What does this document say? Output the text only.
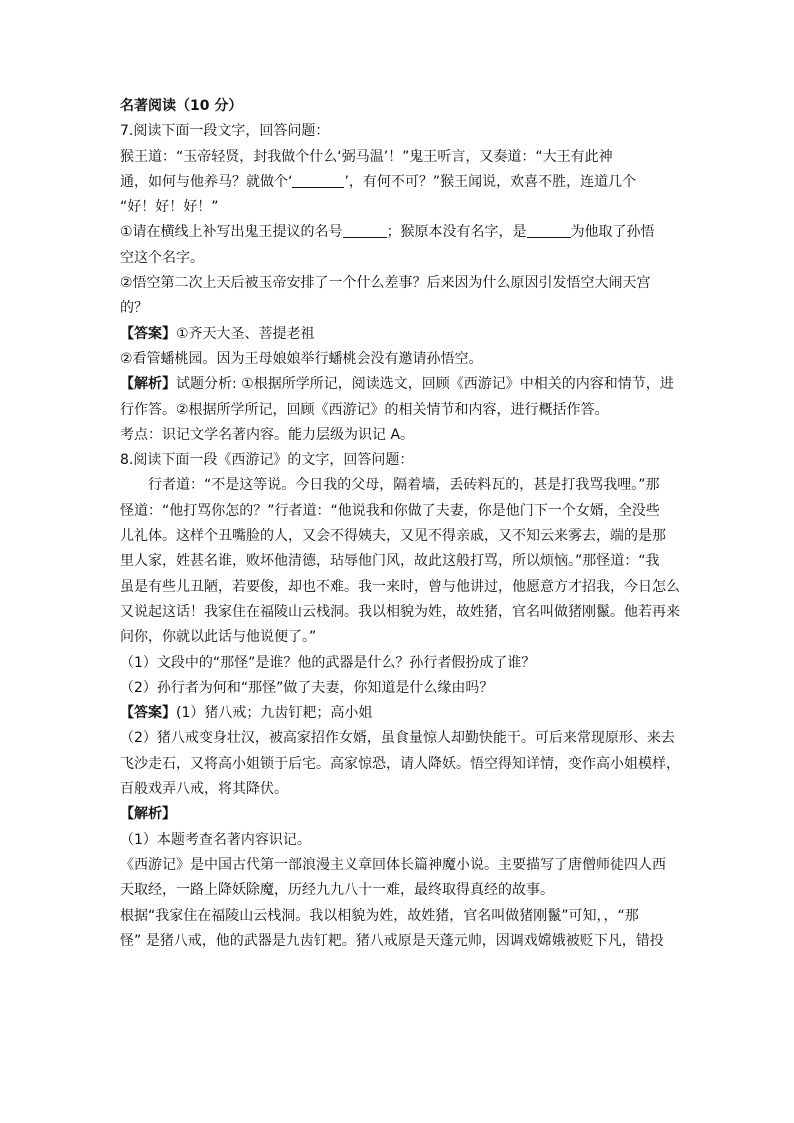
名著阅读（10 分）
7.阅读下面一段文字，回答问题：
猴王道：“玉帝轻贤，封我做个什么‘弼马温’！”鬼王听言，又奏道：“大王有此神
通，如何与他养马？就做个‘	’，有何不可？”猴王闻说，欢喜不胜，连道几个
“好！好！好！”
①请在横线上补写出鬼王提议的名号	；猴原本没有名字，是	为他取了孙悟
空这个名字。
②悟空第二次上天后被玉帝安排了一个什么差事？后来因为什么原因引发悟空大闹天宫
的？
【答案】①齐天大圣、菩提老祖
②看管蟠桃园。因为王母娘娘举行蟠桃会没有邀请孙悟空。
【解析】试题分析: ①根据所学所记，阅读选文，回顾《西游记》中相关的内容和情节，进
行作答。②根据所学所记，回顾《西游记》的相关情节和内容，进行概括作答。
考点：识记文学名著内容。能力层级为识记 A。
8.阅读下面一段《西游记》的文字，回答问题：
行者道：“不是这等说。今日我的父母，隔着墙，丢砖料瓦的，甚是打我骂我哩。”那
怪道：“他打骂你怎的？”行者道：“他说我和你做了夫妻，你是他门下一个女婿，全没些
儿礼体。这样个丑嘴脸的人，又会不得姨夫，又见不得亲戚，又不知云来雾去，端的是那
里人家，姓甚名谁，败坏他清德，玷辱他门风，故此这般打骂，所以烦恼。”那怪道：“我
虽是有些儿丑陋，若要俊，却也不难。我一来时，曾与他讲过，他愿意方才招我，今日怎么
又说起这话！我家住在福陵山云栈洞。我以相貌为姓，故姓猪，官名叫做猪刚鬣。他若再来
问你，你就以此话与他说便了。”
（1）文段中的“那怪”是谁？他的武器是什么？孙行者假扮成了谁？
（2）孙行者为何和“那怪”做了夫妻，你知道是什么缘由吗？
【答案】(1）猪八戒；九齿钉耙；高小姐
（2）猪八戒变身壮汉，被高家招作女婿，虽食量惊人却勤快能干。可后来常现原形、来去
飞沙走石，又将高小姐锁于后宅。高家惊恐，请人降妖。悟空得知详情，变作高小姐模样，
百般戏弄八戒，将其降伏。
【解析】
（1）本题考查名著内容识记。
《西游记》是中国古代第一部浪漫主义章回体长篇神魔小说。主要描写了唐僧师徒四人西
天取经，一路上降妖除魔，历经九九八十一难，最终取得真经的故事。
根据“我家住在福陵山云栈洞。我以相貌为姓，故姓猪，官名叫做猪刚鬣”可知，，“那
怪” 是猪八戒，他的武器是九齿钉耙。猪八戒原是天蓬元帅，因调戏嫦娥被贬下凡，错投
